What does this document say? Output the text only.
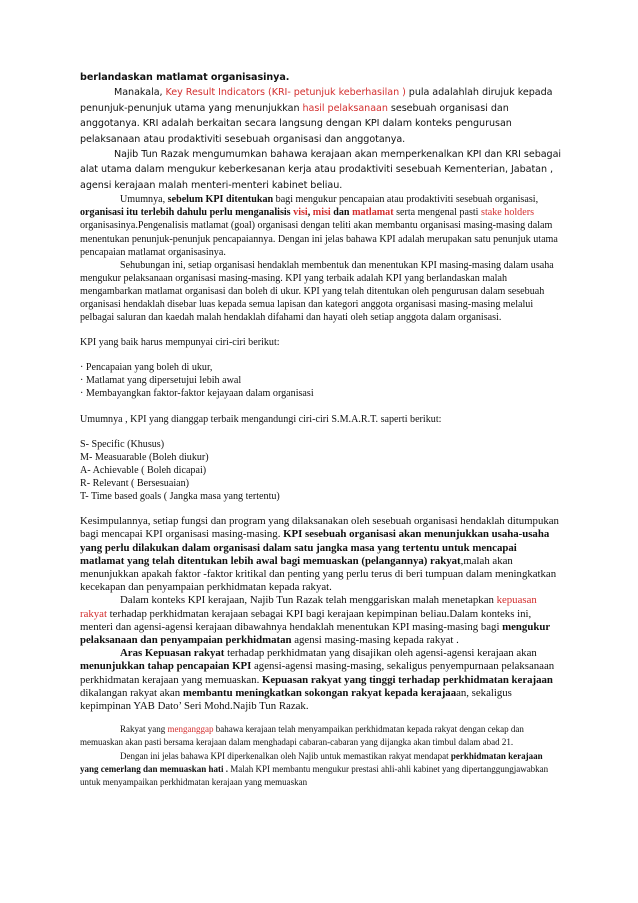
berlandaskan matlamat organisasinya.

Manakala, Key Result Indicators (KRI- petunjuk keberhasilan ) pula adalahlah dirujuk kepada penunjuk-penunjuk utama yang menunjukkan hasil pelaksanaan sesebuah organisasi dan anggotanya. KRI adalah berkaitan secara langsung dengan KPI dalam konteks pengurusan pelaksanaan atau prodaktiviti sesebuah organisasi dan anggotanya.

Najib Tun Razak mengumumkan bahawa kerajaan akan memperkenalkan KPI dan KRI sebagai alat utama dalam mengukur keberkesanan kerja atau prodaktiviti sesebuah Kementerian, Jabatan , agensi kerajaan malah menteri-menteri kabinet beliau.

Umumnya, sebelum KPI ditentukan bagi mengukur pencapaian atau prodaktiviti sesebuah organisasi, organisasi itu terlebih dahulu perlu menganalisis visi, misi dan matlamat serta mengenal pasti stake holders organisasinya.Pengenalisis matlamat (goal) organisasi dengan teliti akan membantu organisasi masing-masing dalam menentukan penunjuk-penunjuk pencapaiannya. Dengan ini jelas bahawa KPI adalah merupakan satu penunjuk utama pencapaian matlamat organisasinya.

Sehubungan ini, setiap organisasi hendaklah membentuk dan menentukan KPI masing-masing dalam usaha mengukur pelaksanaan organisasi masing-masing. KPI yang terbaik adalah KPI yang berlandaskan malah mengambarkan matlamat organisasi dan boleh di ukur. KPI yang telah ditentukan oleh pengurusan dalam sesebuah organisasi hendaklah disebar luas kepada semua lapisan dan kategori anggota organisasi masing-masing melalui pelbagai saluran dan kaedah malah hendaklah difahami dan hayati oleh setiap anggota dalam organisasi.

KPI yang baik harus mempunyai ciri-ciri berikut:

· Pencapaian yang boleh di ukur,

· Matlamat yang dipersetujui lebih awal

· Membayangkan faktor-faktor kejayaan dalam organisasi

Umumnya , KPI yang dianggap terbaik mengandungi ciri-ciri S.M.A.R.T. saperti berikut:

S- Specific (Khusus)

M- Measuarable (Boleh diukur)

A- Achievable ( Boleh dicapai)

R- Relevant ( Bersesuaian)

T- Time based goals ( Jangka masa yang tertentu)

Kesimpulannya, setiap fungsi dan program yang dilaksanakan oleh sesebuah organisasi hendaklah ditumpukan bagi mencapai KPI organisasi masing-masing. KPI sesebuah organisasi akan menunjukkan usaha-usaha yang perlu dilakukan dalam organisasi dalam satu jangka masa yang tertentu untuk mencapai matlamat yang telah ditentukan lebih awal bagi memuaskan (pelangannya) rakyat,malah akan menunjukkan apakah faktor -faktor kritikal dan penting yang perlu terus di beri tumpuan dalam meningkatkan kecekapan dan penyampaian perkhidmatan kepada rakyat.

Dalam konteks KPI kerajaan, Najib Tun Razak telah menggariskan malah menetapkan kepuasan rakyat terhadap perkhidmatan kerajaan sebagai KPI bagi kerajaan kepimpinan beliau.Dalam konteks ini, menteri dan agensi-agensi kerajaan dibawahnya hendaklah menentukan KPI masing-masing bagi mengukur pelaksanaan dan penyampaian perkhidmatan agensi masing-masing kepada rakyat .

Aras Kepuasan rakyat terhadap perkhidmatan yang disajikan oleh agensi-agensi kerajaan akan menunjukkan tahap pencapaian KPI agensi-agensi masing-masing, sekaligus penyempurnaan pelaksanaan perkhidmatan kerajaan yang memuaskan. Kepuasan rakyat yang tinggi terhadap perkhidmatan kerajaan dikalangan rakyat akan membantu meningkatkan sokongan rakyat kepada kerajaaan, sekaligus kepimpinan YAB Dato’ Seri Mohd.Najib Tun Razak.

Rakyat yang menganggap bahawa kerajaan telah menyampaikan perkhidmatan kepada rakyat dengan cekap dan memuaskan akan pasti bersama kerajaan dalam menghadapi cabaran-cabaran yang dijangka akan timbul dalam abad 21.

Dengan ini jelas bahawa KPI diperkenalkan oleh Najib untuk memastikan rakyat mendapat perkhidmatan kerajaan yang cemerlang dan memuaskan hati . Malah KPI membantu mengukur prestasi ahli-ahli kabinet yang dipertanggungjawabkan untuk menyampaikan perkhidmatan kerajaan yang memuaskan
